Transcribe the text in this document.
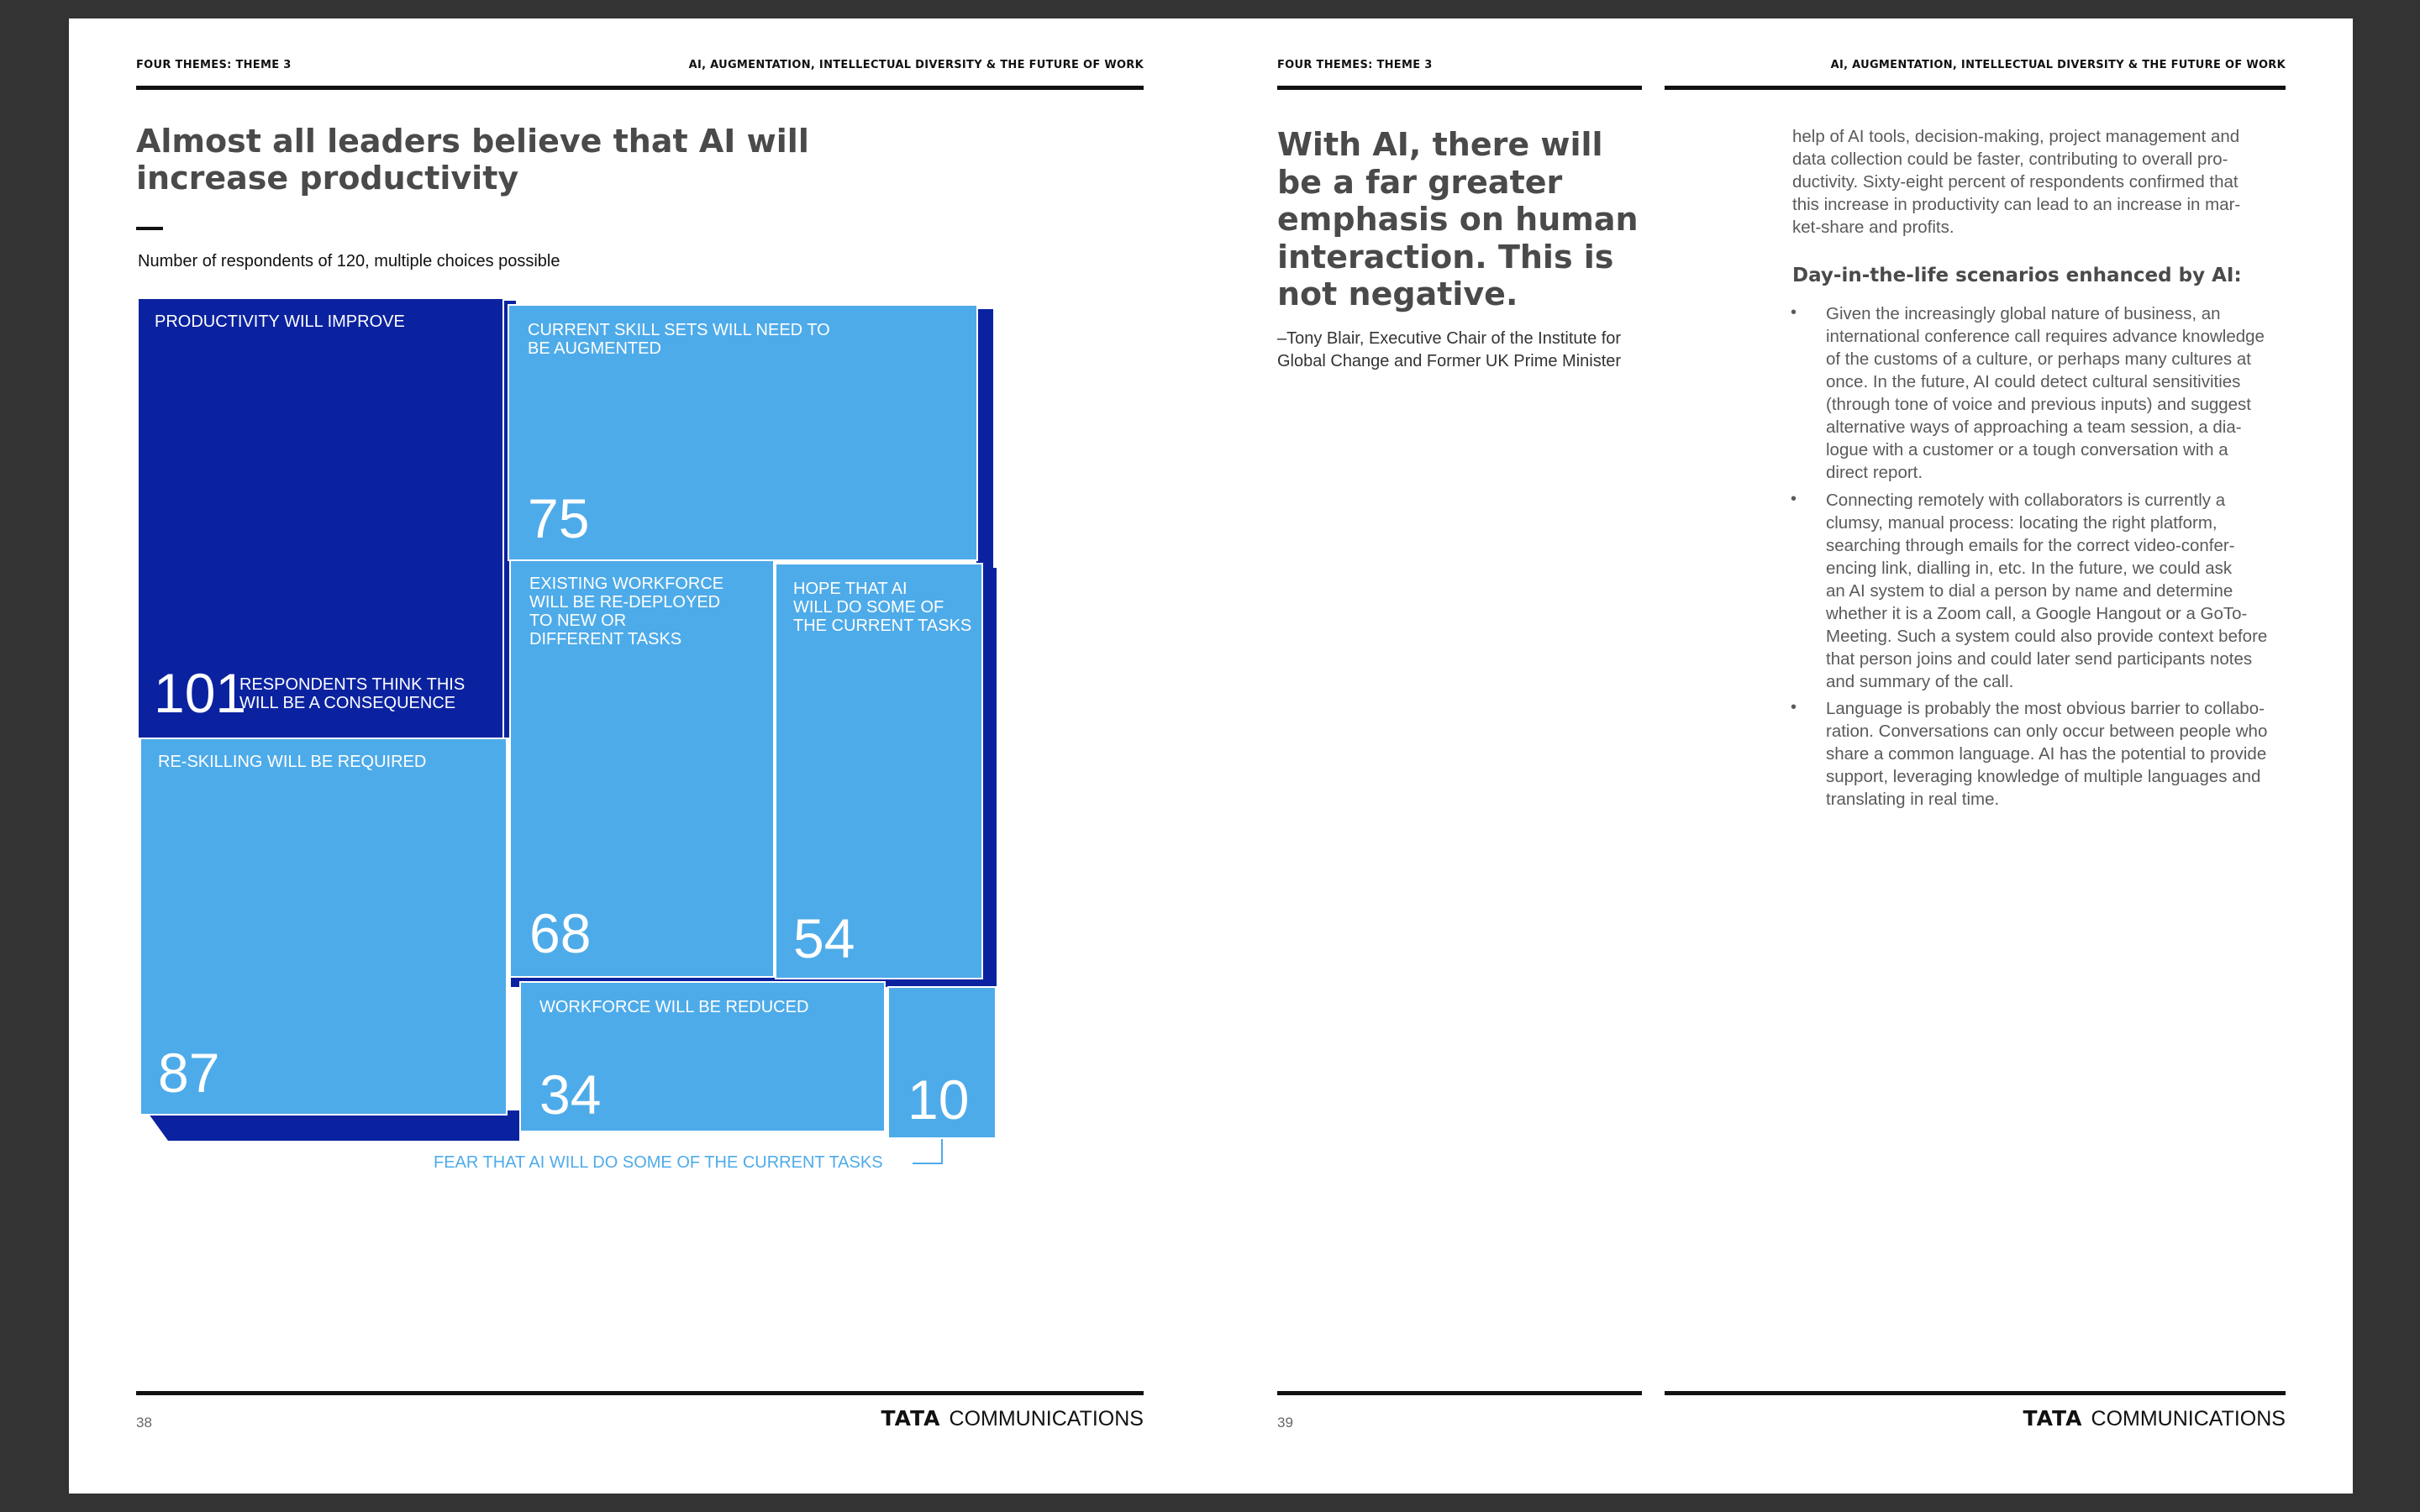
FOUR THEMES: THEME 3	AI, AUGMENTATION, INTELLECTUAL DIVERSITY & THE FUTURE OF WORK
Almost all leaders believe that AI will
increase productivity
Number of respondents of 120, multiple choices possible
PRODUCTIVITY WILL IMPROVE
101
RESPONDENTS THINK THIS
WILL BE A CONSEQUENCE
RE-SKILLING WILL BE REQUIRED
87
CURRENT SKILL SETS WILL NEED TO
BE AUGMENTED
75
EXISTING WORKFORCE
WILL BE RE-DEPLOYED
TO NEW OR
DIFFERENT TASKS
68
HOPE THAT AI
WILL DO SOME OF
THE CURRENT TASKS
54
WORKFORCE WILL BE REDUCED
34	10
FEAR THAT AI WILL DO SOME OF THE CURRENT TASKS
38	TATA COMMUNICATIONS
FOUR THEMES: THEME 3	AI, AUGMENTATION, INTELLECTUAL DIVERSITY & THE FUTURE OF WORK
With AI, there will
be a far greater
emphasis on human
interaction. This is
not negative.
–Tony Blair, Executive Chair of the Institute for
Global Change and Former UK Prime Minister
help of AI tools, decision-making, project management and
data collection could be faster, contributing to overall pro-
ductivity. Sixty-eight percent of respondents confirmed that
this increase in productivity can lead to an increase in mar-
ket-share and profits.
Day-in-the-life scenarios enhanced by AI:
• Given the increasingly global nature of business, an
international conference call requires advance knowledge
of the customs of a culture, or perhaps many cultures at
once. In the future, AI could detect cultural sensitivities
(through tone of voice and previous inputs) and suggest
alternative ways of approaching a team session, a dia-
logue with a customer or a tough conversation with a
direct report.
• Connecting remotely with collaborators is currently a
clumsy, manual process: locating the right platform,
searching through emails for the correct video-confer-
encing link, dialling in, etc. In the future, we could ask
an AI system to dial a person by name and determine
whether it is a Zoom call, a Google Hangout or a GoTo-
Meeting. Such a system could also provide context before
that person joins and could later send participants notes
and summary of the call.
• Language is probably the most obvious barrier to collabo-
ration. Conversations can only occur between people who
share a common language. AI has the potential to provide
support, leveraging knowledge of multiple languages and
translating in real time.
39	TATA COMMUNICATIONS
